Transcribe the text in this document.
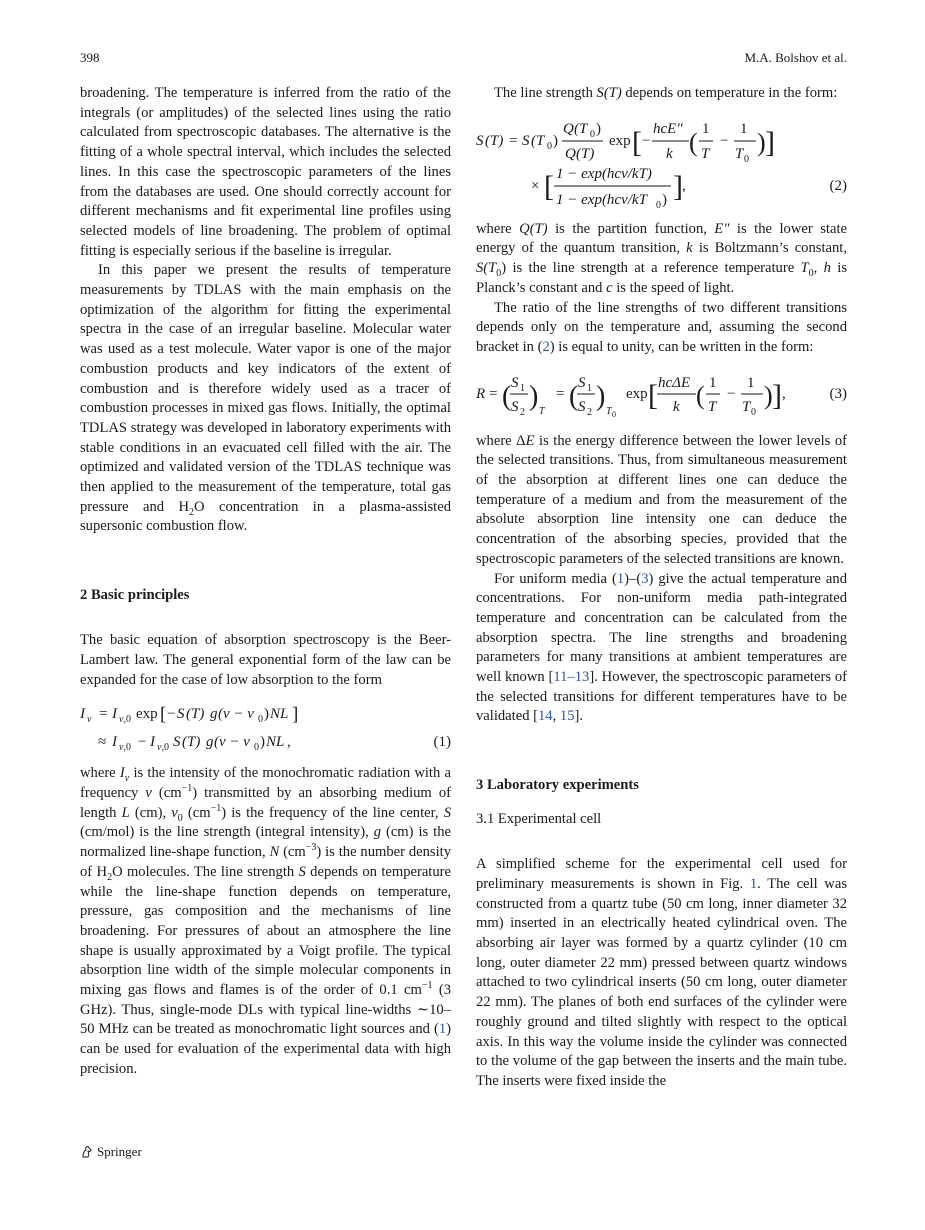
398	M.A. Bolshov et al.

broadening. The temperature is inferred from the ratio of the integrals (or amplitudes) of the selected lines using the ratio calculated from spectroscopic databases. The alternative is the fitting of a whole spectral interval, which includes the selected lines. In this case the spectroscopic parameters of the lines from the databases are used. One should correctly account for different mechanisms and fit experimental line profiles using selected models of line broadening. The problem of optimal fitting is especially serious if the baseline is irregular.

In this paper we present the results of temperature measurements by TDLAS with the main emphasis on the optimization of the algorithm for fitting the experimental spectra in the case of an irregular baseline. Molecular water was used as a test molecule. Water vapor is one of the major combustion products and key indicators of the extent of combustion and is therefore widely used as a tracer of combustion processes in mixed gas flows. Initially, the optimal TDLAS strategy was developed in laboratory experiments with stable conditions in an evacuated cell filled with the air. The optimized and validated version of the TDLAS technique was then applied to the measurement of the temperature, total gas pressure and $H_2O$ concentration in a plasma-assisted supersonic combustion flow.

2 Basic principles

The basic equation of absorption spectroscopy is the Beer-Lambert law. The general exponential form of the law can be expanded for the case of low absorption to the form

I ν = I ν,0 exp [ − S (T) g (ν − ν 0 ) NL ]
≈ I ν,0 − I ν,0 S (T) g (ν − ν 0 ) NL ,	(1)

where $I_\nu$ is the intensity of the monochromatic radiation with a frequency ν $(cm^{-1})$ transmitted by an absorbing medium of length L (cm), $\nu_0$ $(cm^{-1})$ is the frequency of the line center, S (cm/mol) is the line strength (integral intensity), g (cm) is the normalized line-shape function, N $(cm^{-3})$ is the number density of $H_2O$ molecules. The line strength S depends on temperature while the line-shape function depends on temperature, pressure, gas composition and the mechanisms of line broadening. For pressures of about an atmosphere the line shape is usually approximated by a Voigt profile. The typical absorption line width of the simple molecular components in mixing gas flows and flames is of the order of 0.1 $cm^{-1}$ (3 GHz). Thus, single-mode DLs with typical line-widths ∼10–50 MHz can be treated as monochromatic light sources and (1) can be used for evaluation of the experimental data with high precision.

The line strength S(T) depends on temperature in the form:

S (T) = S (T 0 )
Q (T 0 )
Q (T)
exp [ −
hcE″
k ( 1
T
−
1
T 0
) ]
× [ 1 − exp(hcν/kT)
1 − exp(hcν/kT 0 ) ] ,	(2)

where Q(T) is the partition function, E″ is the lower state energy of the quantum transition, k is Boltzmann’s constant, $S(T_0)$ is the line strength at a reference temperature $T_0$, h is Planck’s constant and c is the speed of light.

The ratio of the line strengths of two different transitions depends only on the temperature and, assuming the second bracket in (2) is equal to unity, can be written in the form:

R = ( S 1
S 2
) T
= ( S 1
S 2
) T 0
exp [ hcΔE
k ( 1
T
−
1
T 0
) ] ,	(3)

where ΔE is the energy difference between the lower levels of the selected transitions. Thus, from simultaneous measurement of the absorption at different lines one can deduce the temperature of a medium and from the measurement of the absolute absorption line intensity one can deduce the concentration of the absorbing species, provided that the spectroscopic parameters of the selected transitions are known.

For uniform media (1)–(3) give the actual temperature and concentrations. For non-uniform media path-integrated temperature and concentration can be calculated from the absorption spectra. The line strengths and broadening parameters for many transitions at ambient temperatures are well known [11–13]. However, the spectroscopic parameters of the selected transitions for different temperatures have to be validated [14, 15].

3 Laboratory experiments
3.1 Experimental cell

A simplified scheme for the experimental cell used for preliminary measurements is shown in Fig. 1. The cell was constructed from a quartz tube (50 cm long, inner diameter 32 mm) inserted in an electrically heated cylindrical oven. The absorbing air layer was formed by a quartz cylinder (10 cm long, outer diameter 22 mm) pressed between quartz windows attached to two cylindrical inserts (50 cm long, outer diameter 22 mm). The planes of both end surfaces of the cylinder were roughly ground and tilted slightly with respect to the optical axis. In this way the volume inside the cylinder was connected to the volume of the gap between the inserts and the main tube. The inserts were fixed inside the

Springer
